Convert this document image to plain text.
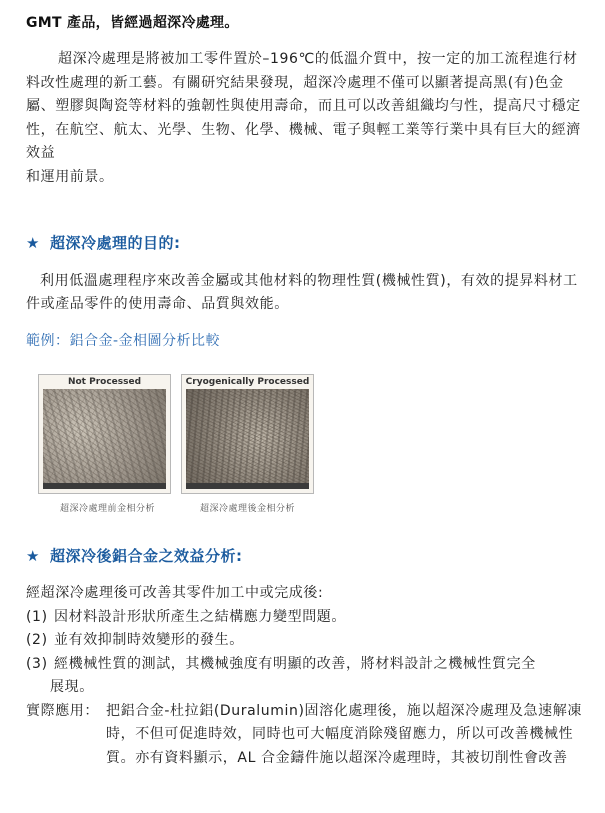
GMT 產品，皆經過超深冷處理。

超深冷處理是將被加工零件置於–196℃的低溫介質中，按一定的加工流程進行材料改性處理的新工藝。有關研究結果發現，超深冷處理不僅可以顯著提高黑(有)色金屬、塑膠與陶瓷等材料的強韌性與使用壽命，而且可以改善組織均勻性，提高尺寸穩定性，在航空、航太、光學、生物、化學、機械、電子與輕工業等行業中具有巨大的經濟效益

和運用前景。

★ 超深冷處理的目的:

利用低溫處理程序來改善金屬或其他材料的物理性質(機械性質)，有效的提昇料材工件或產品零件的使用壽命、品質與效能。

範例：鋁合金-金相圖分析比較
Not Processed	Cryogenically Processed
超深冷處理前金相分析	超深冷處理後金相分析
★ 超深冷後鋁合金之效益分析:

經超深冷處理後可改善其零件加工中或完成後:

(1) 因材料設計形狀所產生之結構應力變型問題。
(2) 並有效抑制時效變形的發生。
(3) 經機械性質的測試，其機械強度有明顯的改善，將材料設計之機械性質完全

展現。

實際應用： 把鋁合金-杜拉鋁(Duralumin)固溶化處理後，施以超深冷處理及急速解凍時，不但可促進時效，同時也可大幅度消除殘留應力，所以可改善機械性質。亦有資料顯示，AL 合金鑄件施以超深冷處理時，其被切削性會改善
